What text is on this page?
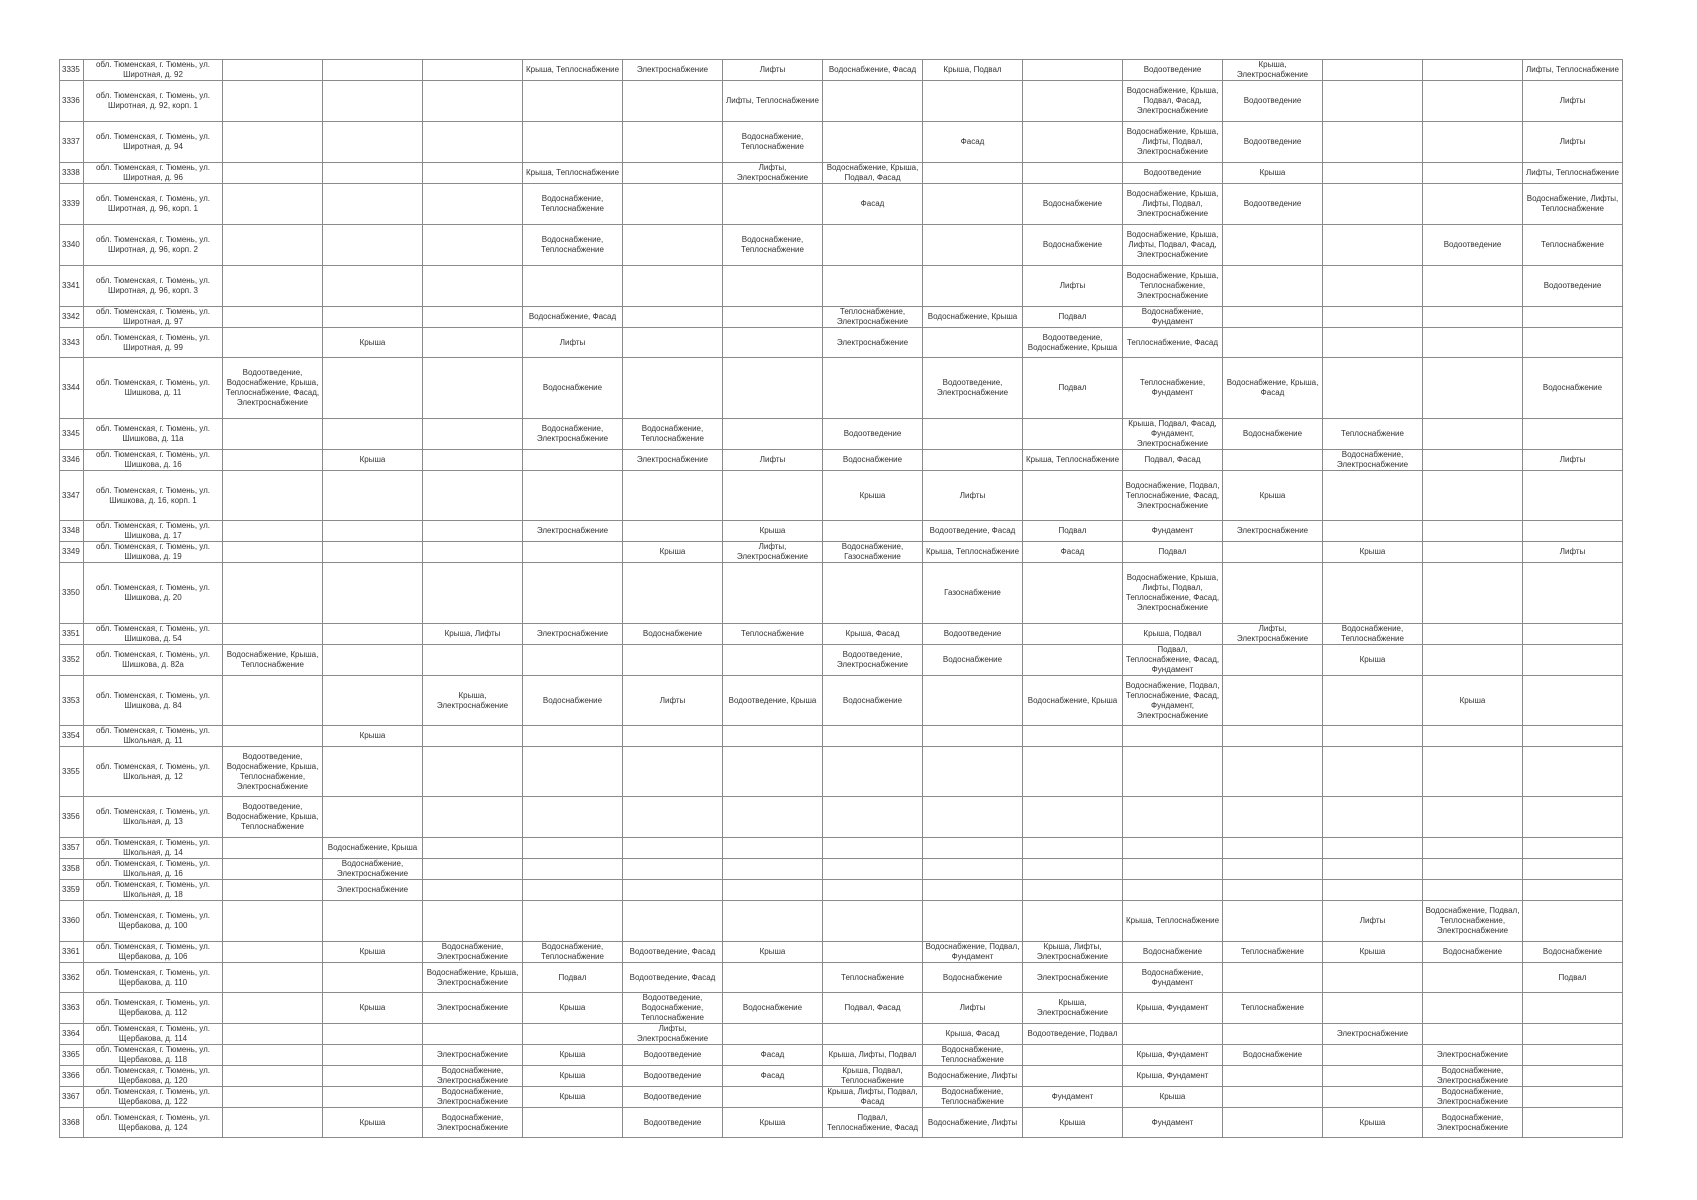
3335	обл. Тюменская, г. Тюмень, ул. Широтная, д. 92				Крыша, Теплоснабжение	Электроснабжение	Лифты	Водоснабжение, Фасад	Крыша, Подвал		Водоотведение	Крыша, Электроснабжение			Лифты, Теплоснабжение
3336	обл. Тюменская, г. Тюмень, ул. Широтная, д. 92, корп. 1						Лифты, Теплоснабжение				Водоснабжение, Крыша, Подвал, Фасад, Электроснабжение	Водоотведение			Лифты
3337	обл. Тюменская, г. Тюмень, ул. Широтная, д. 94						Водоснабжение, Теплоснабжение		Фасад		Водоснабжение, Крыша, Лифты, Подвал, Электроснабжение	Водоотведение			Лифты
3338	обл. Тюменская, г. Тюмень, ул. Широтная, д. 96				Крыша, Теплоснабжение		Лифты, Электроснабжение	Водоснабжение, Крыша, Подвал, Фасад			Водоотведение	Крыша			Лифты, Теплоснабжение
3339	обл. Тюменская, г. Тюмень, ул. Широтная, д. 96, корп. 1				Водоснабжение, Теплоснабжение			Фасад		Водоснабжение	Водоснабжение, Крыша, Лифты, Подвал, Электроснабжение	Водоотведение			Водоснабжение, Лифты, Теплоснабжение
3340	обл. Тюменская, г. Тюмень, ул. Широтная, д. 96, корп. 2				Водоснабжение, Теплоснабжение		Водоснабжение, Теплоснабжение			Водоснабжение	Водоснабжение, Крыша, Лифты, Подвал, Фасад, Электроснабжение			Водоотведение	Теплоснабжение
3341	обл. Тюменская, г. Тюмень, ул. Широтная, д. 96, корп. 3									Лифты	Водоснабжение, Крыша, Теплоснабжение, Электроснабжение				Водоотведение
3342	обл. Тюменская, г. Тюмень, ул. Широтная, д. 97				Водоснабжение, Фасад			Теплоснабжение, Электроснабжение	Водоснабжение, Крыша	Подвал	Водоснабжение, Фундамент				
3343	обл. Тюменская, г. Тюмень, ул. Широтная, д. 99		Крыша		Лифты			Электроснабжение		Водоотведение, Водоснабжение, Крыша	Теплоснабжение, Фасад				
3344	обл. Тюменская, г. Тюмень, ул. Шишкова, д. 11	Водоотведение, Водоснабжение, Крыша, Теплоснабжение, Фасад, Электроснабжение			Водоснабжение				Водоотведение, Электроснабжение	Подвал	Теплоснабжение, Фундамент	Водоснабжение, Крыша, Фасад			Водоснабжение
3345	обл. Тюменская, г. Тюмень, ул. Шишкова, д. 11а				Водоснабжение, Электроснабжение	Водоснабжение, Теплоснабжение		Водоотведение			Крыша, Подвал, Фасад, Фундамент, Электроснабжение	Водоснабжение	Теплоснабжение		
3346	обл. Тюменская, г. Тюмень, ул. Шишкова, д. 16		Крыша			Электроснабжение	Лифты	Водоснабжение		Крыша, Теплоснабжение	Подвал, Фасад		Водоснабжение, Электроснабжение		Лифты
3347	обл. Тюменская, г. Тюмень, ул. Шишкова, д. 16, корп. 1							Крыша	Лифты		Водоснабжение, Подвал, Теплоснабжение, Фасад, Электроснабжение	Крыша			
3348	обл. Тюменская, г. Тюмень, ул. Шишкова, д. 17				Электроснабжение		Крыша		Водоотведение, Фасад	Подвал	Фундамент	Электроснабжение			
3349	обл. Тюменская, г. Тюмень, ул. Шишкова, д. 19					Крыша	Лифты, Электроснабжение	Водоснабжение, Газоснабжение	Крыша, Теплоснабжение	Фасад	Подвал		Крыша		Лифты
3350	обл. Тюменская, г. Тюмень, ул. Шишкова, д. 20								Газоснабжение		Водоснабжение, Крыша, Лифты, Подвал, Теплоснабжение, Фасад, Электроснабжение				
3351	обл. Тюменская, г. Тюмень, ул. Шишкова, д. 54			Крыша, Лифты	Электроснабжение	Водоснабжение	Теплоснабжение	Крыша, Фасад	Водоотведение		Крыша, Подвал	Лифты, Электроснабжение	Водоснабжение, Теплоснабжение		
3352	обл. Тюменская, г. Тюмень, ул. Шишкова, д. 82а	Водоснабжение, Крыша, Теплоснабжение						Водоотведение, Электроснабжение	Водоснабжение		Подвал, Теплоснабжение, Фасад, Фундамент		Крыша		
3353	обл. Тюменская, г. Тюмень, ул. Шишкова, д. 84			Крыша, Электроснабжение	Водоснабжение	Лифты	Водоотведение, Крыша	Водоснабжение		Водоснабжение, Крыша	Водоснабжение, Подвал, Теплоснабжение, Фасад, Фундамент, Электроснабжение			Крыша	
3354	обл. Тюменская, г. Тюмень, ул. Школьная, д. 11		Крыша												
3355	обл. Тюменская, г. Тюмень, ул. Школьная, д. 12	Водоотведение, Водоснабжение, Крыша, Теплоснабжение, Электроснабжение													
3356	обл. Тюменская, г. Тюмень, ул. Школьная, д. 13	Водоотведение, Водоснабжение, Крыша, Теплоснабжение													
3357	обл. Тюменская, г. Тюмень, ул. Школьная, д. 14		Водоснабжение, Крыша												
3358	обл. Тюменская, г. Тюмень, ул. Школьная, д. 16		Водоснабжение, Электроснабжение												
3359	обл. Тюменская, г. Тюмень, ул. Школьная, д. 18		Электроснабжение												
3360	обл. Тюменская, г. Тюмень, ул. Щербакова, д. 100										Крыша, Теплоснабжение		Лифты	Водоснабжение, Подвал, Теплоснабжение, Электроснабжение	
3361	обл. Тюменская, г. Тюмень, ул. Щербакова, д. 106		Крыша	Водоснабжение, Электроснабжение	Водоснабжение, Теплоснабжение	Водоотведение, Фасад	Крыша		Водоснабжение, Подвал, Фундамент	Крыша, Лифты, Электроснабжение	Водоснабжение	Теплоснабжение	Крыша	Водоснабжение	Водоснабжение
3362	обл. Тюменская, г. Тюмень, ул. Щербакова, д. 110			Водоснабжение, Крыша, Электроснабжение	Подвал	Водоотведение, Фасад		Теплоснабжение	Водоснабжение	Электроснабжение	Водоснабжение, Фундамент				Подвал
3363	обл. Тюменская, г. Тюмень, ул. Щербакова, д. 112		Крыша	Электроснабжение	Крыша	Водоотведение, Водоснабжение, Теплоснабжение	Водоснабжение	Подвал, Фасад	Лифты	Крыша, Электроснабжение	Крыша, Фундамент	Теплоснабжение			
3364	обл. Тюменская, г. Тюмень, ул. Щербакова, д. 114					Лифты, Электроснабжение			Крыша, Фасад	Водоотведение, Подвал			Электроснабжение		
3365	обл. Тюменская, г. Тюмень, ул. Щербакова, д. 118			Электроснабжение	Крыша	Водоотведение	Фасад	Крыша, Лифты, Подвал	Водоснабжение, Теплоснабжение		Крыша, Фундамент	Водоснабжение		Электроснабжение	
3366	обл. Тюменская, г. Тюмень, ул. Щербакова, д. 120			Водоснабжение, Электроснабжение	Крыша	Водоотведение	Фасад	Крыша, Подвал, Теплоснабжение	Водоснабжение, Лифты		Крыша, Фундамент			Водоснабжение, Электроснабжение	
3367	обл. Тюменская, г. Тюмень, ул. Щербакова, д. 122			Водоснабжение, Электроснабжение	Крыша	Водоотведение		Крыша, Лифты, Подвал, Фасад	Водоснабжение, Теплоснабжение	Фундамент	Крыша			Водоснабжение, Электроснабжение	
3368	обл. Тюменская, г. Тюмень, ул. Щербакова, д. 124		Крыша	Водоснабжение, Электроснабжение		Водоотведение	Крыша	Подвал, Теплоснабжение, Фасад	Водоснабжение, Лифты	Крыша	Фундамент		Крыша	Водоснабжение, Электроснабжение	
